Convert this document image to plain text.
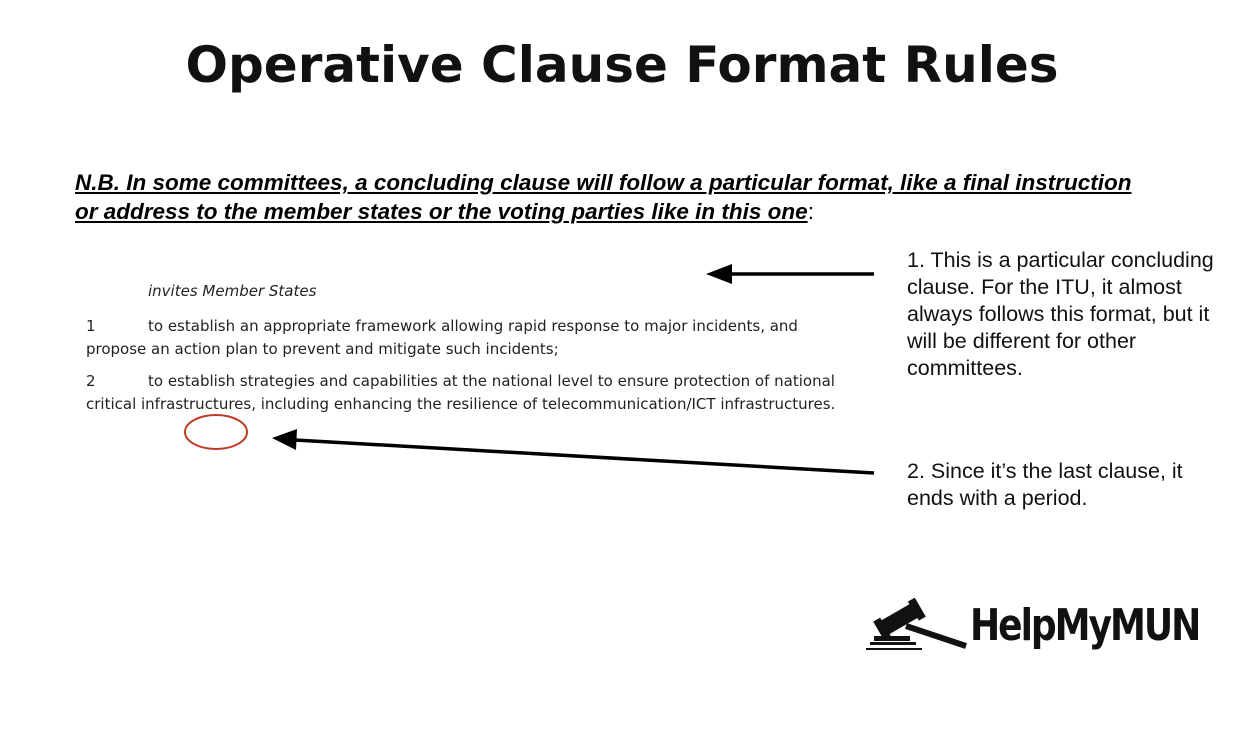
Operative Clause Format Rules
N.B. In some committees, a concluding clause will follow a particular format, like a final instruction or address to the member states or the voting parties like in this one:
invites Member States
1	to establish an appropriate framework allowing rapid response to major incidents, and propose an action plan to prevent and mitigate such incidents;
2	to establish strategies and capabilities at the national level to ensure protection of national critical infrastructures, including enhancing the resilience of telecommunication/ICT infrastructures.
1. This is a particular concluding clause. For the ITU, it almost always follows this format, but it will be different for other committees.
2. Since it’s the last clause, it ends with a period.
HelpMyMUN
